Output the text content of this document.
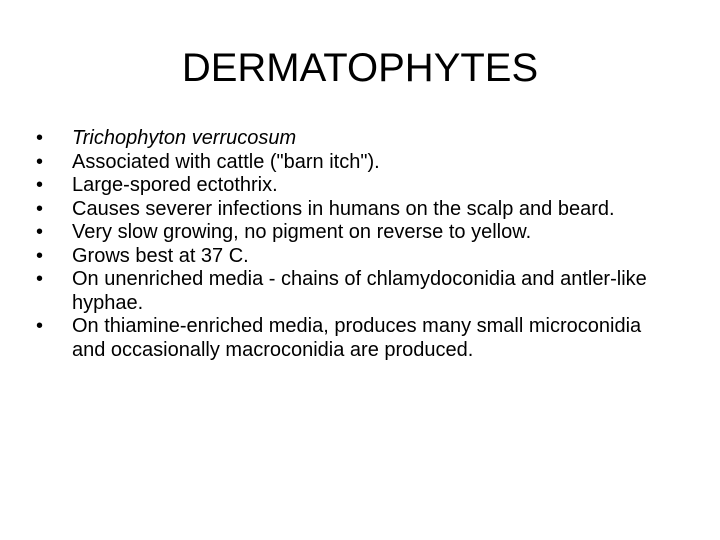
DERMATOPHYTES
•	Trichophyton verrucosum
•	Associated with cattle ("barn itch").
•	Large-spored ectothrix.
•	Causes severer infections in humans on the scalp and beard.
•	Very slow growing, no pigment on reverse to yellow.
•	Grows best at 37 C.
•	On unenriched media - chains of chlamydoconidia and antler-like hyphae.
•	On thiamine-enriched media, produces many small microconidia and occasionally macroconidia are produced.
